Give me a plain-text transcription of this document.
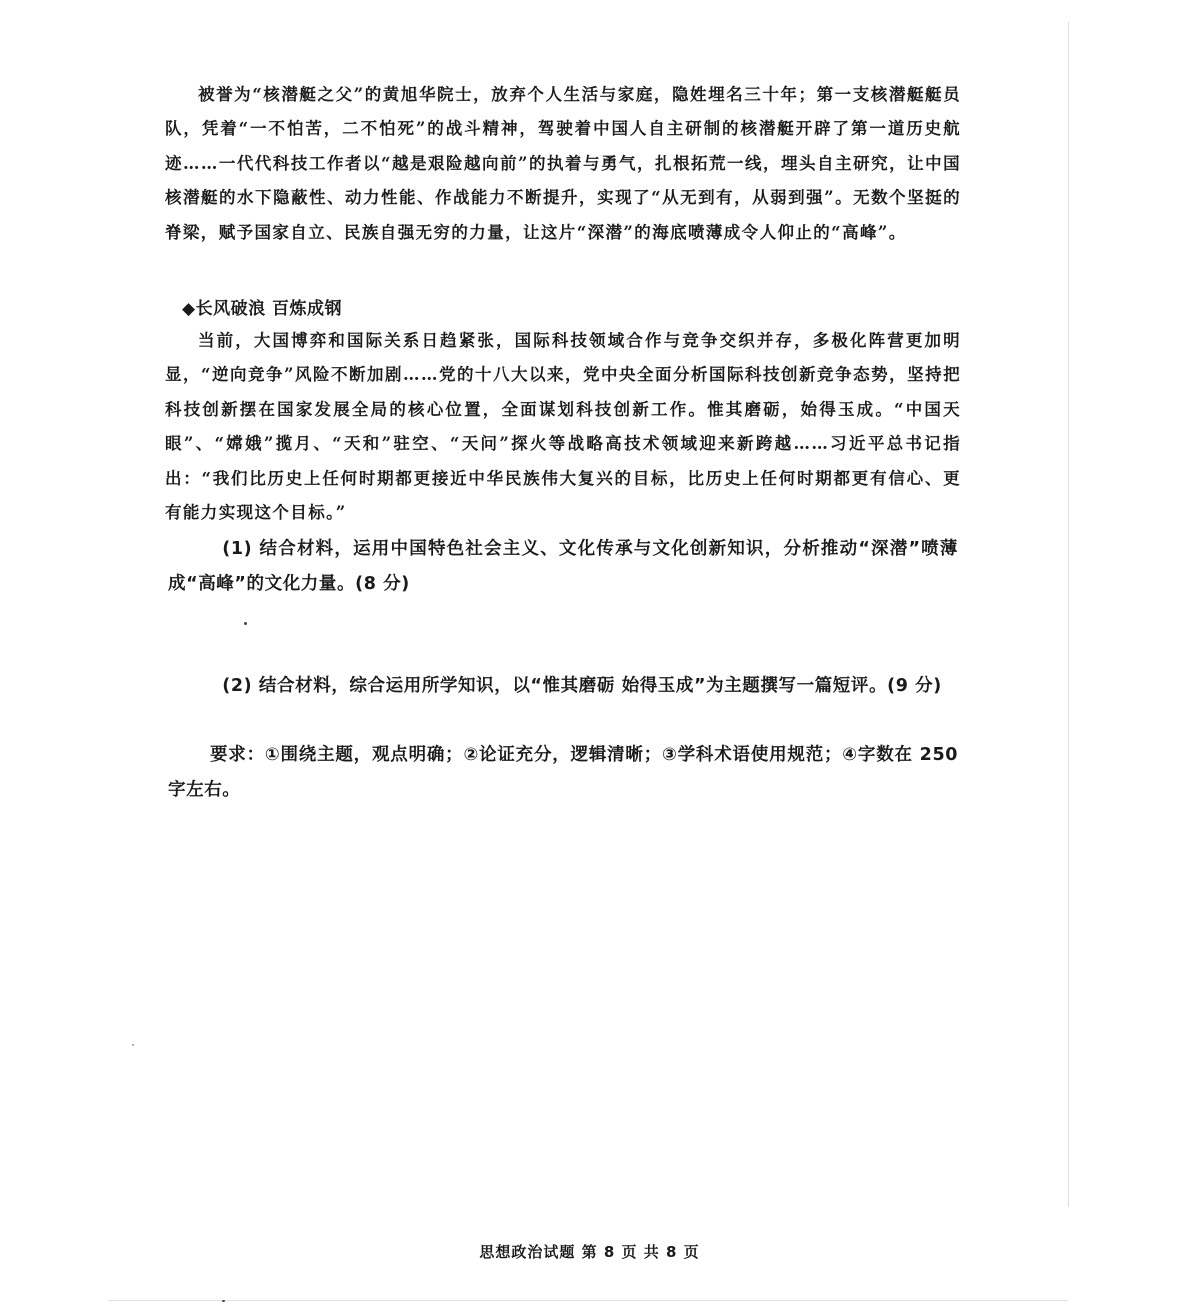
被誉为“核潜艇之父”的黄旭华院士，放弃个人生活与家庭，隐姓埋名三十年；第一支核潜艇艇员队，凭着“一不怕苦，二不怕死”的战斗精神，驾驶着中国人自主研制的核潜艇开辟了第一道历史航迹……一代代科技工作者以“越是艰险越向前”的执着与勇气，扎根拓荒一线，埋头自主研究，让中国核潜艇的水下隐蔽性、动力性能、作战能力不断提升，实现了“从无到有，从弱到强”。无数个坚挺的脊梁，赋予国家自立、民族自强无穷的力量，让这片“深潜”的海底喷薄成令人仰止的“高峰”。

◆长风破浪 百炼成钢

当前，大国博弈和国际关系日趋紧张，国际科技领域合作与竞争交织并存，多极化阵营更加明显，“逆向竞争”风险不断加剧……党的十八大以来，党中央全面分析国际科技创新竞争态势，坚持把科技创新摆在国家发展全局的核心位置，全面谋划科技创新工作。惟其磨砺，始得玉成。“中国天眼”、“嫦娥”揽月、“天和”驻空、“天问”探火等战略高技术领域迎来新跨越……习近平总书记指出：“我们比历史上任何时期都更接近中华民族伟大复兴的目标，比历史上任何时期都更有信心、更有能力实现这个目标。”

(1) 结合材料，运用中国特色社会主义、文化传承与文化创新知识，分析推动“深潜”喷薄成“高峰”的文化力量。(8 分)

(2) 结合材料，综合运用所学知识，以“惟其磨砺 始得玉成”为主题撰写一篇短评。(9 分)

要求：①围绕主题，观点明确；②论证充分，逻辑清晰；③学科术语使用规范；④字数在 250 字左右。

思想政治试题 第 8 页 共 8 页
